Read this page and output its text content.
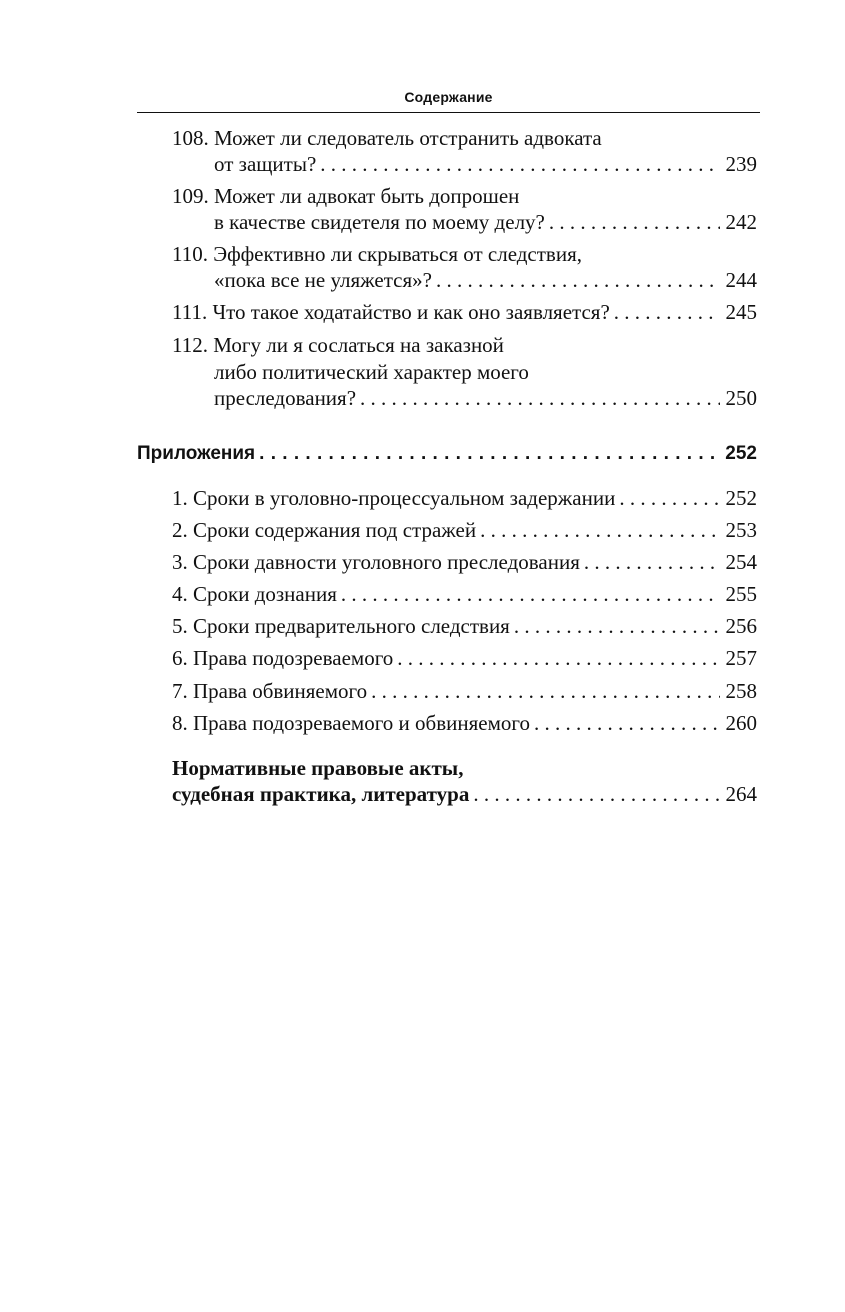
Содержание
108. Может ли следователь отстранить адвоката
от защиты? . . .	239
109. Может ли адвокат быть допрошен
в качестве свидетеля по моему делу? . . .	242
110. Эффективно ли скрываться от следствия,
«пока все не уляжется»? . . .	244
111. Что такое ходатайство и как оно заявляется? . . .	245
112. Могу ли я сослаться на заказной
либо политический характер моего
преследования? . . .	250
Приложения . . .	252
1. Сроки в уголовно-процессуальном задержании . . .	252
2. Сроки содержания под стражей . . .	253
3. Сроки давности уголовного преследования . . .	254
4. Сроки дознания . . .	255
5. Сроки предварительного следствия . . .	256
6. Права подозреваемого . . .	257
7. Права обвиняемого . . .	258
8. Права подозреваемого и обвиняемого . . .	260
Нормативные правовые акты,
судебная практика, литература . . .	264
